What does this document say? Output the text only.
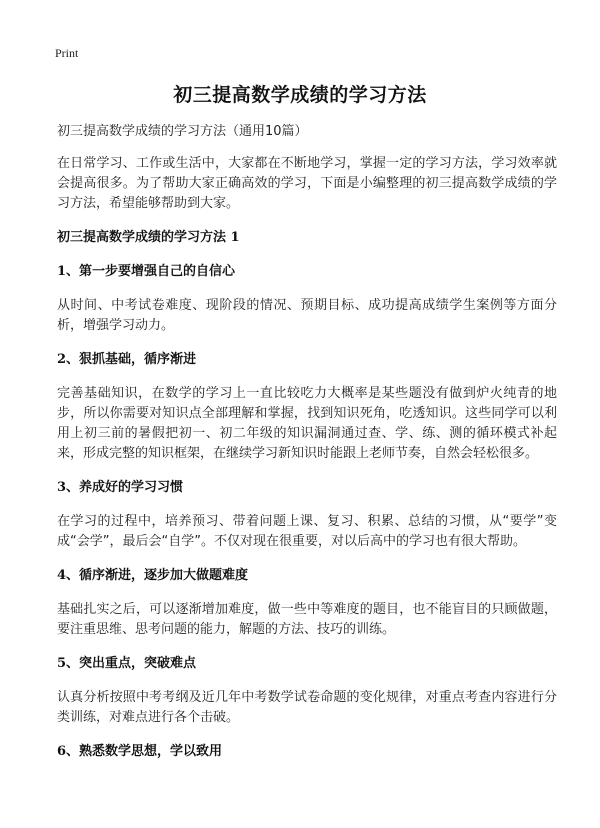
Print
初三提高数学成绩的学习方法

初三提高数学成绩的学习方法（通用10篇）

在日常学习、工作或生活中，大家都在不断地学习，掌握一定的学习方法，学习效率就会提高很多。为了帮助大家正确高效的学习，下面是小编整理的初三提高数学成绩的学习方法，希望能够帮助到大家。

初三提高数学成绩的学习方法 1

1、第一步要增强自己的自信心

从时间、中考试卷难度、现阶段的情况、预期目标、成功提高成绩学生案例等方面分析，增强学习动力。

2、狠抓基础，循序渐进

完善基础知识，在数学的学习上一直比较吃力大概率是某些题没有做到炉火纯青的地步，所以你需要对知识点全部理解和掌握，找到知识死角，吃透知识。这些同学可以利用上初三前的暑假把初一、初二年级的知识漏洞通过查、学、练、测的循环模式补起来，形成完整的知识框架，在继续学习新知识时能跟上老师节奏，自然会轻松很多。

3、养成好的学习习惯

在学习的过程中，培养预习、带着问题上课、复习、积累、总结的习惯，从“要学”变成“会学”，最后会“自学”。不仅对现在很重要，对以后高中的学习也有很大帮助。

4、循序渐进，逐步加大做题难度

基础扎实之后，可以逐渐增加难度，做一些中等难度的题目，也不能盲目的只顾做题，要注重思维、思考问题的能力，解题的方法、技巧的训练。

5、突出重点，突破难点

认真分析按照中考考纲及近几年中考数学试卷命题的变化规律，对重点考查内容进行分类训练，对难点进行各个击破。

6、熟悉数学思想，学以致用
